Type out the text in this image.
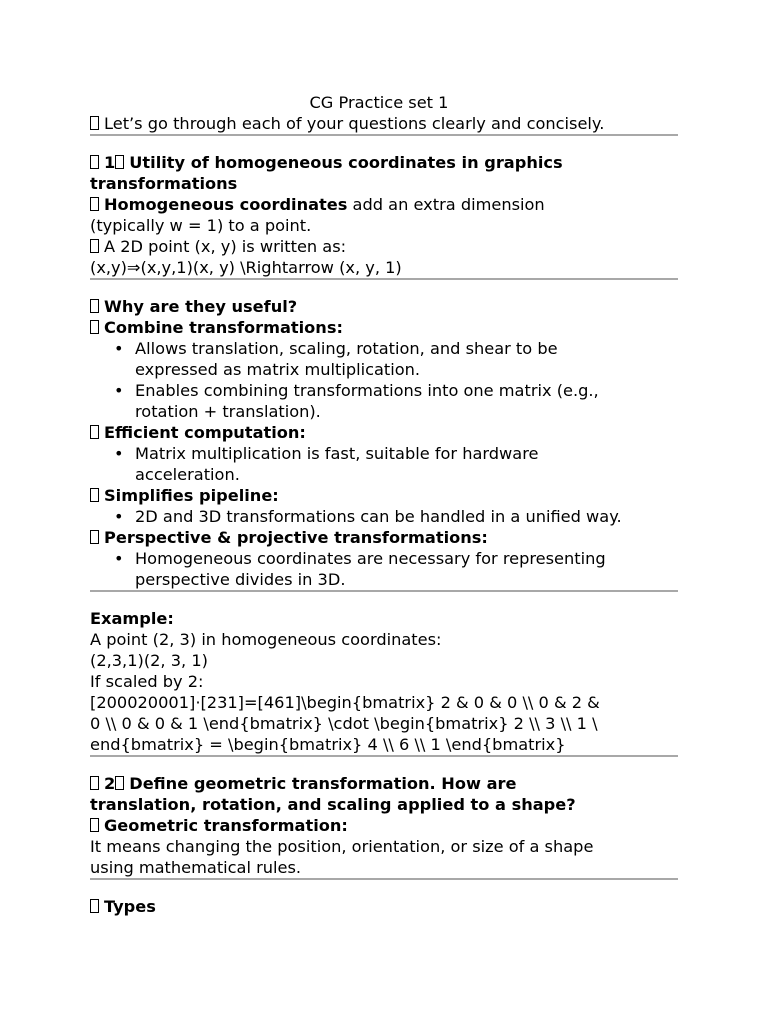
CG Practice set 1
Let’s go through each of your questions clearly and concisely.
1 Utility of homogeneous coordinates in graphics
transformations
Homogeneous coordinates add an extra dimension
(typically w = 1) to a point.
A 2D point (x, y) is written as:
(x,y)⇒(x,y,1)(x, y) \Rightarrow (x, y, 1)
Why are they useful?
Combine transformations:
• Allows translation, scaling, rotation, and shear to be
expressed as matrix multiplication.
• Enables combining transformations into one matrix (e.g.,
rotation + translation).
Efficient computation:
• Matrix multiplication is fast, suitable for hardware
acceleration.
Simplifies pipeline:
• 2D and 3D transformations can be handled in a unified way.
Perspective & projective transformations:
• Homogeneous coordinates are necessary for representing
perspective divides in 3D.
Example:
A point (2, 3) in homogeneous coordinates:
(2,3,1)(2, 3, 1)
If scaled by 2:
[200020001]⋅[231]=[461]\begin{bmatrix} 2 & 0 & 0 \\ 0 & 2 &
0 \\ 0 & 0 & 1 \end{bmatrix} \cdot \begin{bmatrix} 2 \\ 3 \\ 1 \
end{bmatrix} = \begin{bmatrix} 4 \\ 6 \\ 1 \end{bmatrix}
2 Define geometric transformation. How are
translation, rotation, and scaling applied to a shape?
Geometric transformation:
It means changing the position, orientation, or size of a shape
using mathematical rules.
Types
